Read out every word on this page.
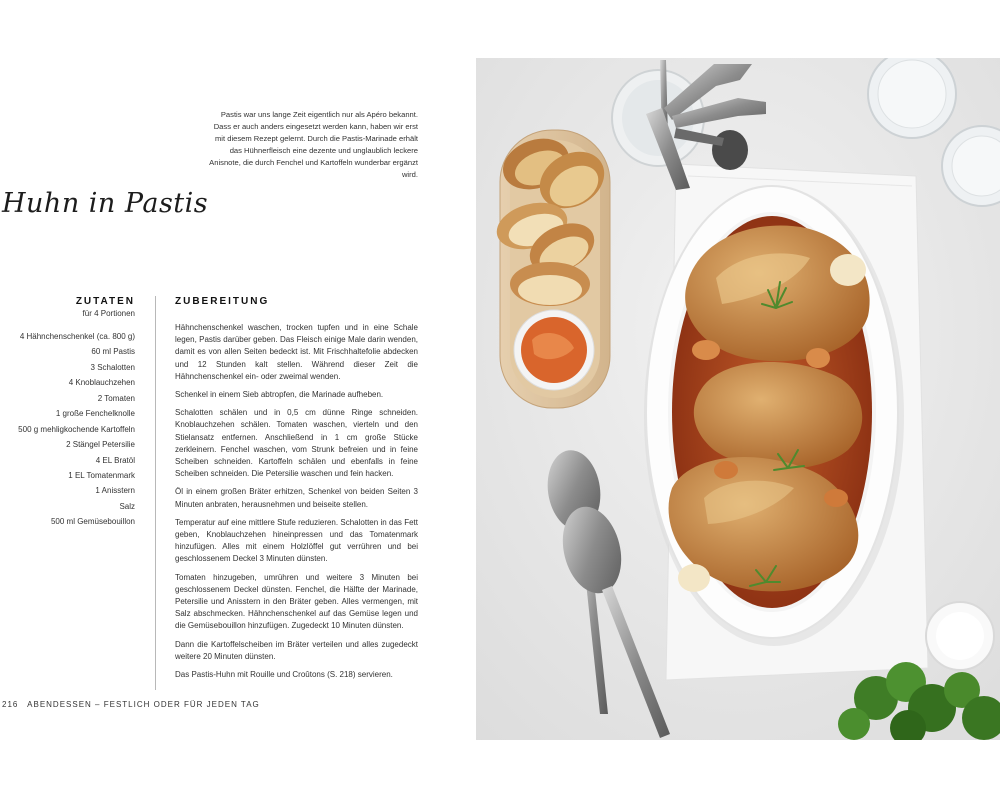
Pastis war uns lange Zeit eigentlich nur als Apéro bekannt. Dass er auch anders eingesetzt werden kann, haben wir erst mit diesem Rezept gelernt. Durch die Pastis-Marinade erhält das Hühnerfleisch eine dezente und unglaublich leckere Anisnote, die durch Fenchel und Kartoffeln wunderbar ergänzt wird.

Huhn in Pastis
ZUTATEN
für 4 Portionen
4 Hähnchenschenkel (ca. 800 g)
60 ml Pastis
3 Schalotten
4 Knoblauchzehen
2 Tomaten
1 große Fenchelknolle
500 g mehligkochende Kartoffeln
2 Stängel Petersilie
4 EL Bratöl
1 EL Tomatenmark
1 Anisstern
Salz
500 ml Gemüsebouillon
ZUBEREITUNG

Hähnchenschenkel waschen, trocken tupfen und in eine Schale legen, Pastis darüber geben. Das Fleisch einige Male darin wenden, damit es von allen Seiten bedeckt ist. Mit Frischhaltefolie abdecken und 12 Stunden kalt stellen. Während dieser Zeit die Hähnchenschenkel ein- oder zweimal wenden.

Schenkel in einem Sieb abtropfen, die Marinade aufheben.

Schalotten schälen und in 0,5 cm dünne Ringe schneiden. Knoblauchzehen schälen. Tomaten waschen, vierteln und den Stielansatz entfernen. Anschließend in 1 cm große Stücke zerkleinern. Fenchel waschen, vom Strunk befreien und in feine Scheiben schneiden. Kartoffeln schälen und ebenfalls in feine Scheiben schneiden. Die Petersilie waschen und fein hacken.

Öl in einem großen Bräter erhitzen, Schenkel von beiden Seiten 3 Minuten anbraten, herausnehmen und beiseite stellen.

Temperatur auf eine mittlere Stufe reduzieren. Schalotten in das Fett geben, Knoblauchzehen hineinpressen und das Tomatenmark hinzufügen. Alles mit einem Holzlöffel gut verrühren und bei geschlossenem Deckel 3 Minuten dünsten.

Tomaten hinzugeben, umrühren und weitere 3 Minuten bei geschlossenem Deckel dünsten. Fenchel, die Hälfte der Marinade, Petersilie und Anisstern in den Bräter geben. Alles vermengen, mit Salz abschmecken. Hähnchenschenkel auf das Gemüse legen und die Gemüsebouillon hinzufügen. Zugedeckt 10 Minuten dünsten.

Dann die Kartoffelscheiben im Bräter verteilen und alles zugedeckt weitere 20 Minuten dünsten.

Das Pastis-Huhn mit Rouille und Croûtons (S. 218) servieren.

216 ABENDESSEN – FESTLICH ODER FÜR JEDEN TAG
